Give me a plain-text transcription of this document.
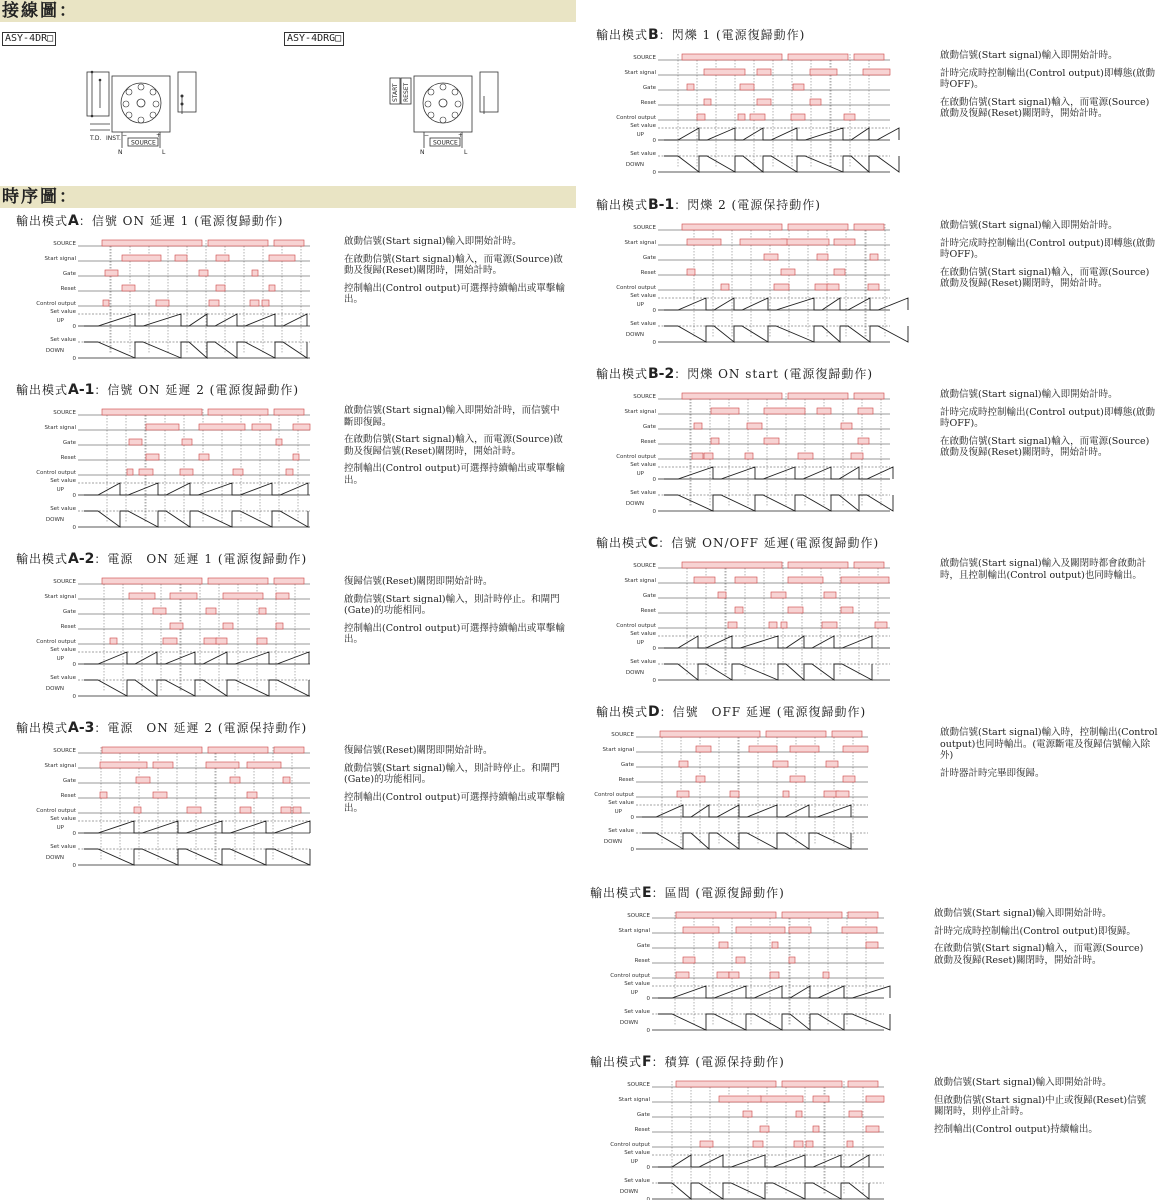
接線圖：
ASY-4DR□	ASY-4DRG□
T.D. INST.
SOURCE
N	L
−	+
START RESET
SOURCE
N	L
−	+
時序圖：
輸出模式A：信號 ON 延遲 1 (電源復歸動作)

啟動信號(Start signal)輸入即開始計時。

在啟動信號(Start signal)輸入，而電源(Source)啟動及復歸(Reset)關閉時，開始計時。

控制輸出(Control output)可選擇持續輸出或單擊輸出。

SOURCE
Start signal
Gate
Reset
Control output
Set value
0
UP
Set value
0
DOWN
輸出模式A-1：信號 ON 延遲 2 (電源復歸動作)

啟動信號(Start signal)輸入即開始計時，而信號中斷即復歸。

在啟動信號(Start signal)輸入，而電源(Source)啟動及復歸信號(Reset)關閉時，開始計時。

控制輸出(Control output)可選擇持續輸出或單擊輸出。

SOURCE
Start signal
Gate
Reset
Control output
Set value
0
UP
Set value
0
DOWN
輸出模式A-2：電源　ON 延遲 1 (電源復歸動作)

復歸信號(Reset)關閉即開始計時。

啟動信號(Start signal)輸入，則計時停止。和閘門(Gate)的功能相同。

控制輸出(Control output)可選擇持續輸出或單擊輸出。

SOURCE
Start signal
Gate
Reset
Control output
Set value
0
UP
Set value
0
DOWN
輸出模式A-3：電源　ON 延遲 2 (電源保持動作)

復歸信號(Reset)關閉即開始計時。

啟動信號(Start signal)輸入，則計時停止。和閘門(Gate)的功能相同。

控制輸出(Control output)可選擇持續輸出或單擊輸出。

SOURCE
Start signal
Gate
Reset
Control output
Set value
0
UP
Set value
0
DOWN
輸出模式B：閃爍 1 (電源復歸動作)

啟動信號(Start signal)輸入即開始計時。

計時完成時控制輸出(Control output)即轉態(啟動時OFF)。

在啟動信號(Start signal)輸入，而電源(Source)啟動及復歸(Reset)關閉時，開始計時。

SOURCE
Start signal
Gate
Reset
Control output
Set value
0
UP
Set value
0
DOWN
輸出模式B-1：閃爍 2 (電源保持動作)

啟動信號(Start signal)輸入即開始計時。

計時完成時控制輸出(Control output)即轉態(啟動時OFF)。

在啟動信號(Start signal)輸入，而電源(Source)啟動及復歸(Reset)關閉時，開始計時。

SOURCE
Start signal
Gate
Reset
Control output
Set value
0
UP
Set value
0
DOWN
輸出模式B-2：閃爍 ON start (電源復歸動作)

啟動信號(Start signal)輸入即開始計時。

計時完成時控制輸出(Control output)即轉態(啟動時OFF)。

在啟動信號(Start signal)輸入，而電源(Source)啟動及復歸(Reset)關閉時，開始計時。

SOURCE
Start signal
Gate
Reset
Control output
Set value
0
UP
Set value
0
DOWN
輸出模式C：信號 ON/OFF 延遲(電源復歸動作)

啟動信號(Start signal)輸入及關閉時都會啟動計時，且控制輸出(Control output)也同時輸出。

SOURCE
Start signal
Gate
Reset
Control output
Set value
0
UP
Set value
0
DOWN
輸出模式D：信號　OFF 延遲 (電源復歸動作)

啟動信號(Start signal)輸入時，控制輸出(Control output)也同時輸出。(電源斷電及復歸信號輸入除外)

計時器計時完畢即復歸。

SOURCE
Start signal
Gate
Reset
Control output
Set value
0
UP
Set value
0
DOWN
輸出模式E：區間 (電源復歸動作)

啟動信號(Start signal)輸入即開始計時。

計時完成時控制輸出(Control output)即復歸。

在啟動信號(Start signal)輸入，而電源(Source)啟動及復歸(Reset)關閉時，開始計時。

SOURCE
Start signal
Gate
Reset
Control output
Set value
0
UP
Set value
0
DOWN
輸出模式F：積算 (電源保持動作)

啟動信號(Start signal)輸入即開始計時。

但啟動信號(Start signal)中止或復歸(Reset)信號關閉時，則停止計時。

控制輸出(Control output)持續輸出。

SOURCE
Start signal
Gate
Reset
Control output
Set value
0
UP
Set value
0
DOWN
